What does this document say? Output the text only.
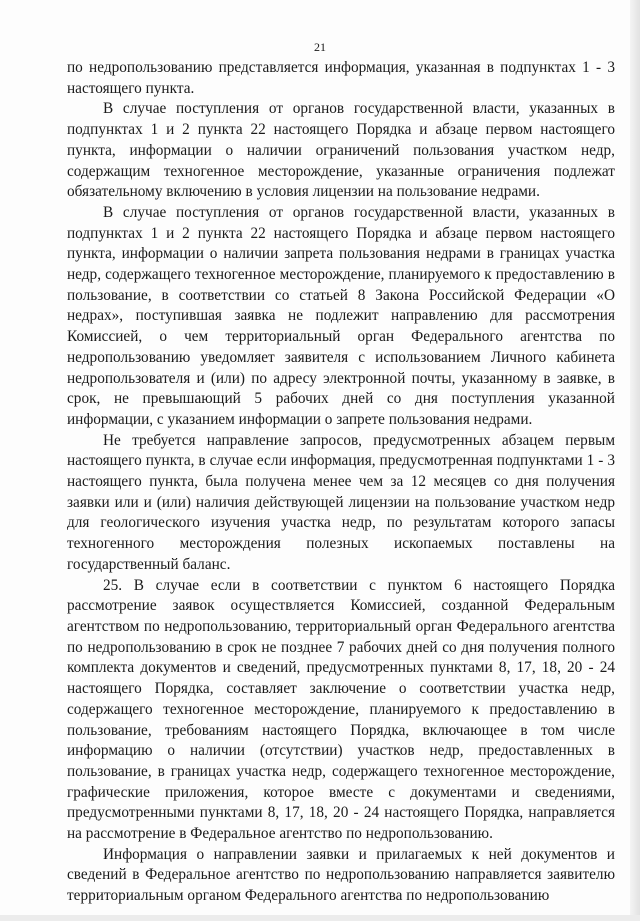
21

по недропользованию представляется информация, указанная в подпунктах 1 - 3 настоящего пункта.

В случае поступления от органов государственной власти, указанных в подпунктах 1 и 2 пункта 22 настоящего Порядка и абзаце первом настоящего пункта, информации о наличии ограничений пользования участком недр, содержащим техногенное месторождение, указанные ограничения подлежат обязательному включению в условия лицензии на пользование недрами.

В случае поступления от органов государственной власти, указанных в подпунктах 1 и 2 пункта 22 настоящего Порядка и абзаце первом настоящего пункта, информации о наличии запрета пользования недрами в границах участка недр, содержащего техногенное месторождение, планируемого к предоставлению в пользование, в соответствии со статьей 8 Закона Российской Федерации «О недрах», поступившая заявка не подлежит направлению для рассмотрения Комиссией, о чем территориальный орган Федерального агентства по недропользованию уведомляет заявителя с использованием Личного кабинета недропользователя и (или) по адресу электронной почты, указанному в заявке, в срок, не превышающий 5 рабочих дней со дня поступления указанной информации, с указанием информации о запрете пользования недрами.

Не требуется направление запросов, предусмотренных абзацем первым настоящего пункта, в случае если информация, предусмотренная подпунктами 1 - 3 настоящего пункта, была получена менее чем за 12 месяцев со дня получения заявки или и (или) наличия действующей лицензии на пользование участком недр для геологического изучения участка недр, по результатам которого запасы техногенного месторождения полезных ископаемых поставлены на государственный баланс.

25. В случае если в соответствии с пунктом 6 настоящего Порядка рассмотрение заявок осуществляется Комиссией, созданной Федеральным агентством по недропользованию, территориальный орган Федерального агентства по недропользованию в срок не позднее 7 рабочих дней со дня получения полного комплекта документов и сведений, предусмотренных пунктами 8, 17, 18, 20 - 24 настоящего Порядка, составляет заключение о соответствии участка недр, содержащего техногенное месторождение, планируемого к предоставлению в пользование, требованиям настоящего Порядка, включающее в том числе информацию о наличии (отсутствии) участков недр, предоставленных в пользование, в границах участка недр, содержащего техногенное месторождение, графические приложения, которое вместе с документами и сведениями, предусмотренными пунктами 8, 17, 18, 20 - 24 настоящего Порядка, направляется на рассмотрение в Федеральное агентство по недропользованию.

Информация о направлении заявки и прилагаемых к ней документов и сведений в Федеральное агентство по недропользованию направляется заявителю территориальным органом Федерального агентства по недропользованию
